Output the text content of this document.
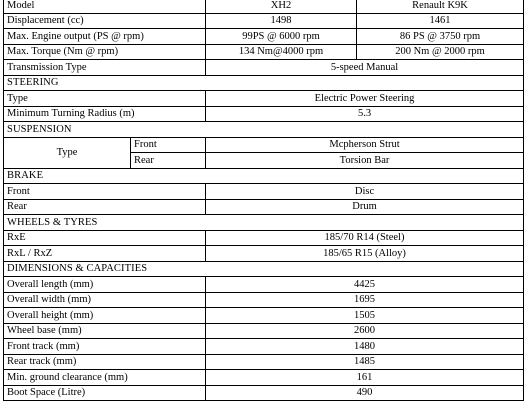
Model		XH2	Renault K9K
Displacement (cc)		1498	1461
Max. Engine output (PS @ rpm)		99PS @ 6000 rpm	86 PS @ 3750 rpm
Max. Torque (Nm @ rpm)		134 Nm@4000 rpm	200 Nm @ 2000 rpm
Transmission Type		5-speed Manual	
STEERING			
Type		Electric Power Steering	
Minimum Turning Radius (m)		5.3	
SUSPENSION			
Type	Front	Mcpherson Strut	
	Rear	Torsion Bar	
BRAKE			
Front		Disc	
Rear		Drum	
WHEELS & TYRES			
RxE		185/70 R14 (Steel)	
RxL / RxZ		185/65 R15 (Alloy)	
DIMENSIONS & CAPACITIES			
Overall length (mm)		4425	
Overall width (mm)		1695	
Overall height (mm)		1505	
Wheel base (mm)		2600	
Front track (mm)		1480	
Rear track (mm)		1485	
Min. ground clearance (mm)		161	
Boot Space (Litre)		490	
